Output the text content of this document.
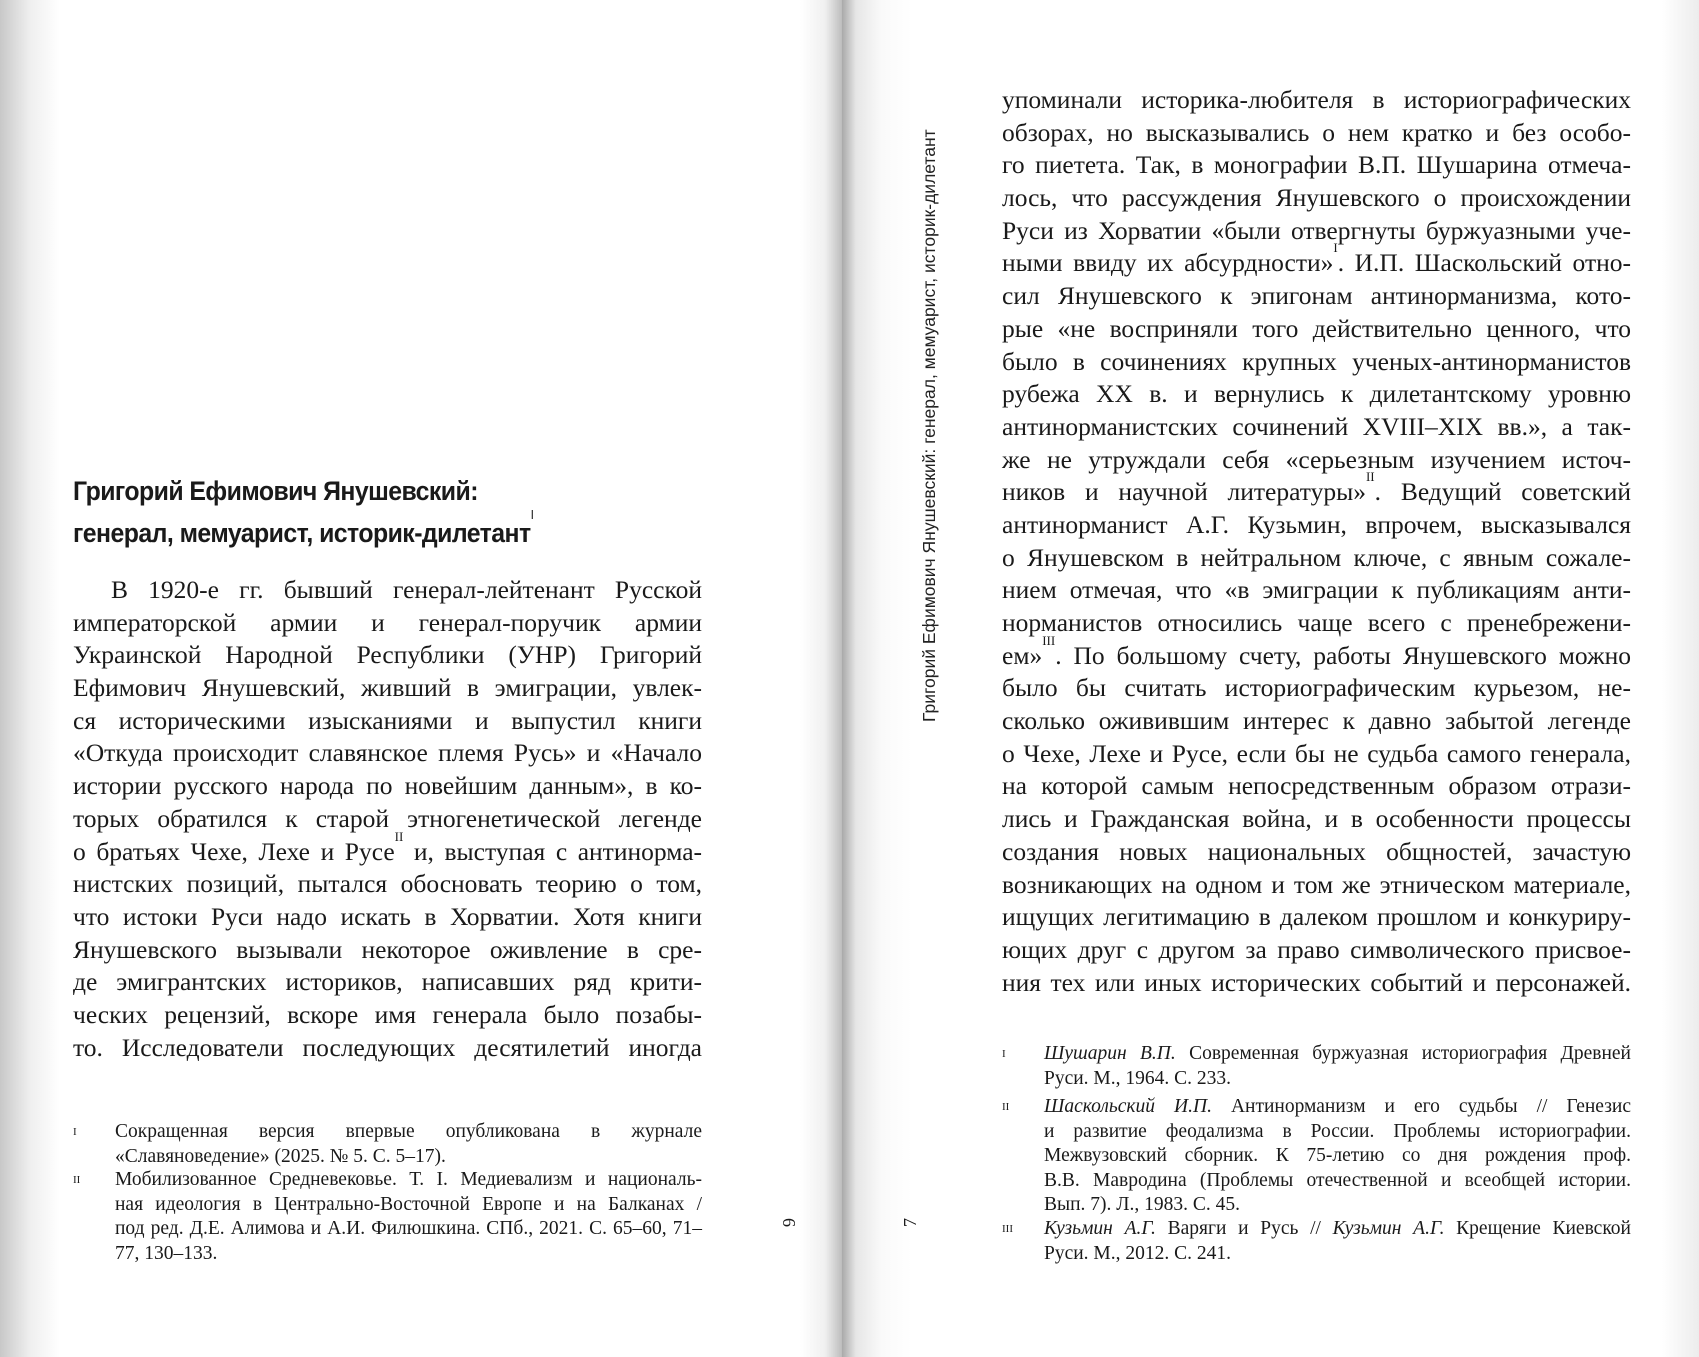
Григорий Ефимович Янушевский:
генерал, мемуарист, историк-дилетант$^I$
В 1920-е гг. бывший генерал-лейтенант Русской
императорской армии и генерал-поручик армии
Украинской Народной Республики (УНР) Григорий
Ефимович Янушевский, живший в эмиграции, увлек-
ся историческими изысканиями и выпустил книги
«Откуда происходит славянское племя Русь» и «Начало
истории русского народа по новейшим данным», в ко-
торых обратился к старой этногенетической легенде
о братьях Чехе, Лехе и Русе$^{II}$ и, выступая с антинорма-
нистских позиций, пытался обосновать теорию о том,
что истоки Руси надо искать в Хорватии. Хотя книги
Янушевского вызывали некоторое оживление в сре-
де эмигрантских историков, написавших ряд крити-
ческих рецензий, вскоре имя генерала было позабы-
то. Исследователи последующих десятилетий иногда
I Сокращенная версия впервые опубликована в журнале
«Славяноведение» (2025. № 5. С. 5–17).
II Мобилизованное Средневековье. Т. I. Медиевализм и националь-
ная идеология в Центрально-Восточной Европе и на Балканах /
под ред. Д.Е. Алимова и А.И. Филюшкина. СПб., 2021. С. 65–60, 71–
77, 130–133.
6
Григорий Ефимович Янушевский: генерал, мемуарист, историк-дилетант
упоминали историка-любителя в историографических
обзорах, но высказывались о нем кратко и без особо-
го пиетета. Так, в монографии В.П. Шушарина отмеча-
лось, что рассуждения Янушевского о происхождении
Руси из Хорватии «были отвергнуты буржуазными уче-
ными ввиду их абсурдности»$^I$. И.П. Шаскольский отно-
сил Янушевского к эпигонам антинорманизма, кото-
рые «не восприняли того действительно ценного, что
было в сочинениях крупных ученых-антинорманистов
рубежа XX в. и вернулись к дилетантскому уровню
антинорманистских сочинений XVIII–XIX вв.», а так-
же не утруждали себя «серьезным изучением источ-
ников и научной литературы»$^{II}$. Ведущий советский
антинорманист А.Г. Кузьмин, впрочем, высказывался
о Янушевском в нейтральном ключе, с явным сожале-
нием отмечая, что «в эмиграции к публикациям анти-
норманистов относились чаще всего с пренебрежени-
ем»$^{III}$. По большому счету, работы Янушевского можно
было бы считать историографическим курьезом, не-
сколько оживившим интерес к давно забытой легенде
о Чехе, Лехе и Русе, если бы не судьба самого генерала,
на которой самым непосредственным образом отрази-
лись и Гражданская война, и в особенности процессы
создания новых национальных общностей, зачастую
возникающих на одном и том же этническом материале,
ищущих легитимацию в далеком прошлом и конкуриру-
ющих друг с другом за право символического присвое-
ния тех или иных исторических событий и персонажей.
I Шушарин В.П. Современная буржуазная историография Древней
Руси. М., 1964. С. 233.
II Шаскольский И.П. Антинорманизм и его судьбы // Генезис
и развитие феодализма в России. Проблемы историографии.
Межвузовский сборник. К 75-летию со дня рождения проф.
В.В. Мавродина (Проблемы отечественной и всеобщей истории.
Вып. 7). Л., 1983. С. 45.
III Кузьмин А.Г. Варяги и Русь // Кузьмин А.Г. Крещение Киевской
Руси. М., 2012. С. 241.
7
